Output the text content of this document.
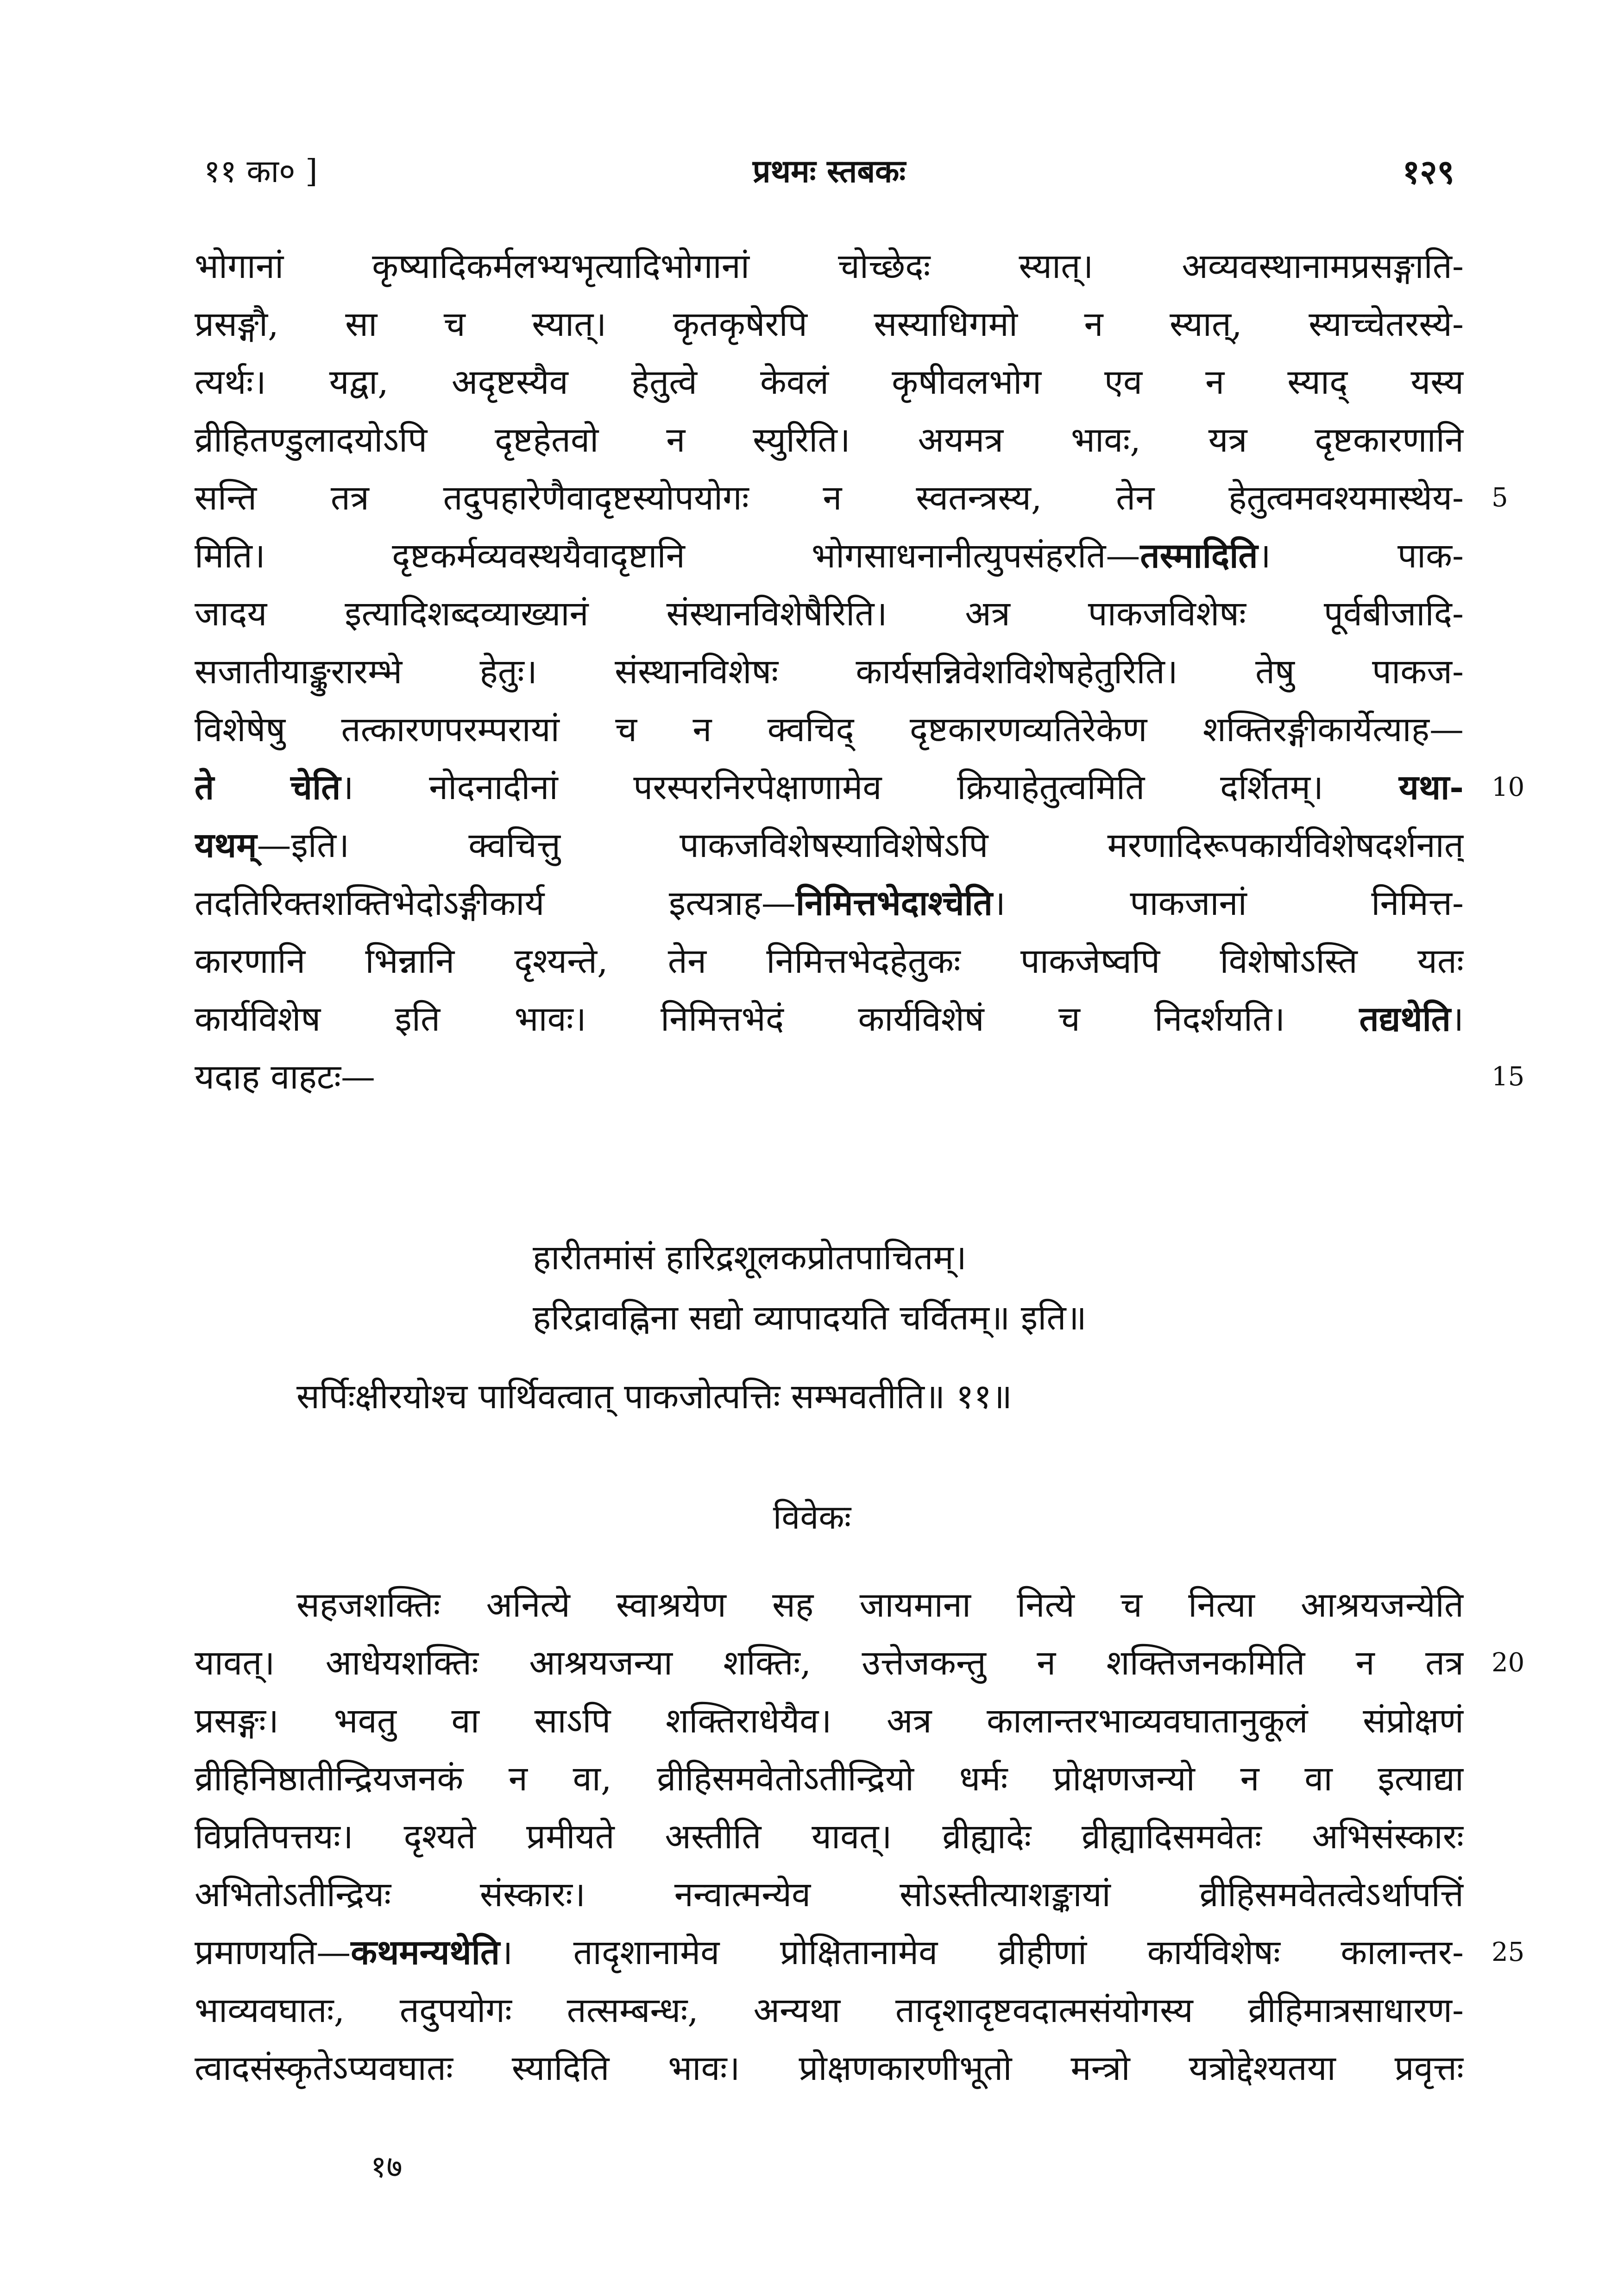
११ का० ]	प्रथमः स्तबकः	१२९
भोगानां कृष्यादिकर्मलभ्यभृत्यादिभोगानां चोच्छेदः स्यात्। अव्यवस्थानामप्रसङ्गाति-
प्रसङ्गौ, सा च स्यात्। कृतकृषेरपि सस्याधिगमो न स्यात्, स्याच्चेतरस्ये-
त्यर्थः। यद्वा, अदृष्टस्यैव हेतुत्वे केवलं कृषीवलभोग एव न स्याद् यस्य
व्रीहितण्डुलादयोऽपि दृष्टहेतवो न स्युरिति। अयमत्र भावः, यत्र दृष्टकारणानि
सन्ति तत्र तदुपहारेणैवादृष्टस्योपयोगः न स्वतन्त्रस्य, तेन हेतुत्वमवश्यमास्थेय-
मिति। दृष्टकर्मव्यवस्थयैवादृष्टानि भोगसाधनानीत्युपसंहरति—तस्मादिति। पाक-
जादय इत्यादिशब्दव्याख्यानं संस्थानविशेषैरिति। अत्र पाकजविशेषः पूर्वबीजादि-
सजातीयाङ्कुरारम्भे हेतुः। संस्थानविशेषः कार्यसन्निवेशविशेषहेतुरिति। तेषु पाकज-
विशेषेषु तत्कारणपरम्परायां च न क्वचिद् दृष्टकारणव्यतिरेकेण शक्तिरङ्गीकार्येत्याह—
ते चेति। नोदनादीनां परस्परनिरपेक्षाणामेव क्रियाहेतुत्वमिति दर्शितम्। यथा-
यथम्—इति। क्वचित्तु पाकजविशेषस्याविशेषेऽपि मरणादिरूपकार्यविशेषदर्शनात्
तदतिरिक्तशक्तिभेदोऽङ्गीकार्य इत्यत्राह—निमित्तभेदाश्चेति। पाकजानां निमित्त-
कारणानि भिन्नानि दृश्यन्ते, तेन निमित्तभेदहेतुकः पाकजेष्वपि विशेषोऽस्ति यतः
कार्यविशेष इति भावः। निमित्तभेदं कार्यविशेषं च निदर्शयति। तद्यथेति।
यदाह वाहटः—
हारीतमांसं हारिद्रशूलकप्रोतपाचितम्।
हरिद्रावह्निना सद्यो व्यापादयति चर्वितम्॥ इति॥
सर्पिःक्षीरयोश्च पार्थिवत्वात् पाकजोत्पत्तिः सम्भवतीति॥ ११॥
विवेकः
सहजशक्तिः अनित्ये स्वाश्रयेण सह जायमाना नित्ये च नित्या आश्रयजन्येति
यावत्। आधेयशक्तिः आश्रयजन्या शक्तिः, उत्तेजकन्तु न शक्तिजनकमिति न तत्र
प्रसङ्गः। भवतु वा साऽपि शक्तिराधेयैव। अत्र कालान्तरभाव्यवघातानुकूलं संप्रोक्षणं
व्रीहिनिष्ठातीन्द्रियजनकं न वा, व्रीहिसमवेतोऽतीन्द्रियो धर्मः प्रोक्षणजन्यो न वा इत्याद्या
विप्रतिपत्तयः। दृश्यते प्रमीयते अस्तीति यावत्। व्रीह्यादेः व्रीह्यादिसमवेतः अभिसंस्कारः
अभितोऽतीन्द्रियः संस्कारः। नन्वात्मन्येव सोऽस्तीत्याशङ्कायां व्रीहिसमवेतत्वेऽर्थापत्तिं
प्रमाणयति—कथमन्यथेति। तादृशानामेव प्रोक्षितानामेव व्रीहीणां कार्यविशेषः कालान्तर-
भाव्यवघातः, तदुपयोगः तत्सम्बन्धः, अन्यथा तादृशादृष्टवदात्मसंयोगस्य व्रीहिमात्रसाधारण-
त्वादसंस्कृतेऽप्यवघातः स्यादिति भावः। प्रोक्षणकारणीभूतो मन्त्रो यत्रोद्देश्यतया प्रवृत्तः
5
10
15
20
25
१७
